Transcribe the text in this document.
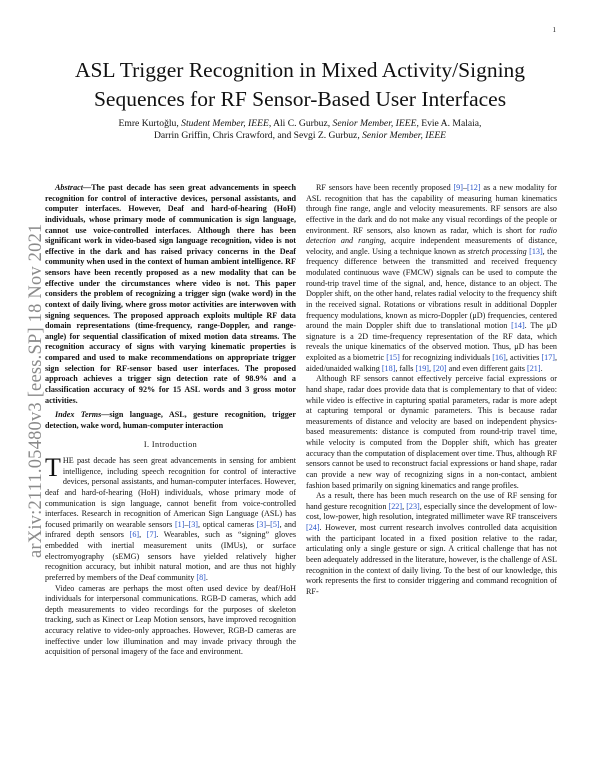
1
arXiv:2111.05480v3 [eess.SP] 18 Nov 2021
ASL Trigger Recognition in Mixed Activity/Signing Sequences for RF Sensor-Based User Interfaces
Emre Kurtoğlu, Student Member, IEEE, Ali C. Gurbuz, Senior Member, IEEE, Evie A. Malaia,
Darrin Griffin, Chris Crawford, and Sevgi Z. Gurbuz, Senior Member, IEEE

Abstract—The past decade has seen great advancements in speech recognition for control of interactive devices, personal assistants, and computer interfaces. However, Deaf and hard-of-hearing (HoH) individuals, whose primary mode of communication is sign language, cannot use voice-controlled interfaces. Although there has been significant work in video-based sign language recognition, video is not effective in the dark and has raised privacy concerns in the Deaf community when used in the context of human ambient intelligence. RF sensors have been recently proposed as a new modality that can be effective under the circumstances where video is not. This paper considers the problem of recognizing a trigger sign (wake word) in the context of daily living, where gross motor activities are interwoven with signing sequences. The proposed approach exploits multiple RF data domain representations (time-frequency, range-Doppler, and range-angle) for sequential classification of mixed motion data streams. The recognition accuracy of signs with varying kinematic properties is compared and used to make recommendations on appropriate trigger sign selection for RF-sensor based user interfaces. The proposed approach achieves a trigger sign detection rate of 98.9% and a classification accuracy of 92% for 15 ASL words and 3 gross motor activities.

Index Terms—sign language, ASL, gesture recognition, trigger detection, wake word, human-computer interaction

I. Introduction

THE past decade has seen great advancements in sensing for ambient intelligence, including speech recognition for control of interactive devices, personal assistants, and human-computer interfaces. However, deaf and hard-of-hearing (HoH) individuals, whose primary mode of communication is sign language, cannot benefit from voice-controlled interfaces. Research in recognition of American Sign Language (ASL) has focused primarily on wearable sensors [1]–[3], optical cameras [3]–[5], and infrared depth sensors [6], [7]. Wearables, such as “signing” gloves embedded with inertial measurement units (IMUs), or surface electromyography (sEMG) sensors have yielded relatively higher recognition accuracy, but inhibit natural motion, and are thus not highly preferred by members of the Deaf community [8].

Video cameras are perhaps the most often used device by deaf/HoH individuals for interpersonal communications. RGB-D cameras, which add depth measurements to video recordings for the purposes of skeleton tracking, such as Kinect or Leap Motion sensors, have improved recognition accuracy relative to video-only approaches. However, RGB-D cameras are ineffective under low illumination and may invade privacy through the acquisition of personal imagery of the face and environment.

RF sensors have been recently proposed [9]–[12] as a new modality for ASL recognition that has the capability of measuring human kinematics through fine range, angle and velocity measurements. RF sensors are also effective in the dark and do not make any visual recordings of the people or environment. RF sensors, also known as radar, which is short for radio detection and ranging, acquire independent measurements of distance, velocity, and angle. Using a technique known as stretch processing [13], the frequency difference between the transmitted and received frequency modulated continuous wave (FMCW) signals can be used to compute the round-trip travel time of the signal, and, hence, distance to an object. The Doppler shift, on the other hand, relates radial velocity to the frequency shift in the received signal. Rotations or vibrations result in additional Doppler frequency modulations, known as micro-Doppler (μD) frequencies, centered around the main Doppler shift due to translational motion [14]. The μD signature is a 2D time-frequency representation of the RF data, which reveals the unique kinematics of the observed motion. Thus, μD has been exploited as a biometric [15] for recognizing individuals [16], activities [17], aided/unaided walking [18], falls [19], [20] and even different gaits [21].

Although RF sensors cannot effectively perceive facial expressions or hand shape, radar does provide data that is complementary to that of video: while video is effective in capturing spatial parameters, radar is more adept at capturing temporal or dynamic parameters. This is because radar measurements of distance and velocity are based on independent physics-based measurements: distance is computed from round-trip travel time, while velocity is computed from the Doppler shift, which has greater accuracy than the computation of displacement over time. Thus, although RF sensors cannot be used to reconstruct facial expressions or hand shape, radar can provide a new way of recognizing signs in a non-contact, ambient fashion based primarily on signing kinematics and range profiles.

As a result, there has been much research on the use of RF sensing for hand gesture recognition [22], [23], especially since the development of low-cost, low-power, high resolution, integrated millimeter wave RF transceivers [24]. However, most current research involves controlled data acquisition with the participant located in a fixed position relative to the radar, articulating only a single gesture or sign. A critical challenge that has not been adequately addressed in the literature, however, is the challenge of ASL recognition in the context of daily living. To the best of our knowledge, this work represents the first to consider triggering and command recognition of RF-
